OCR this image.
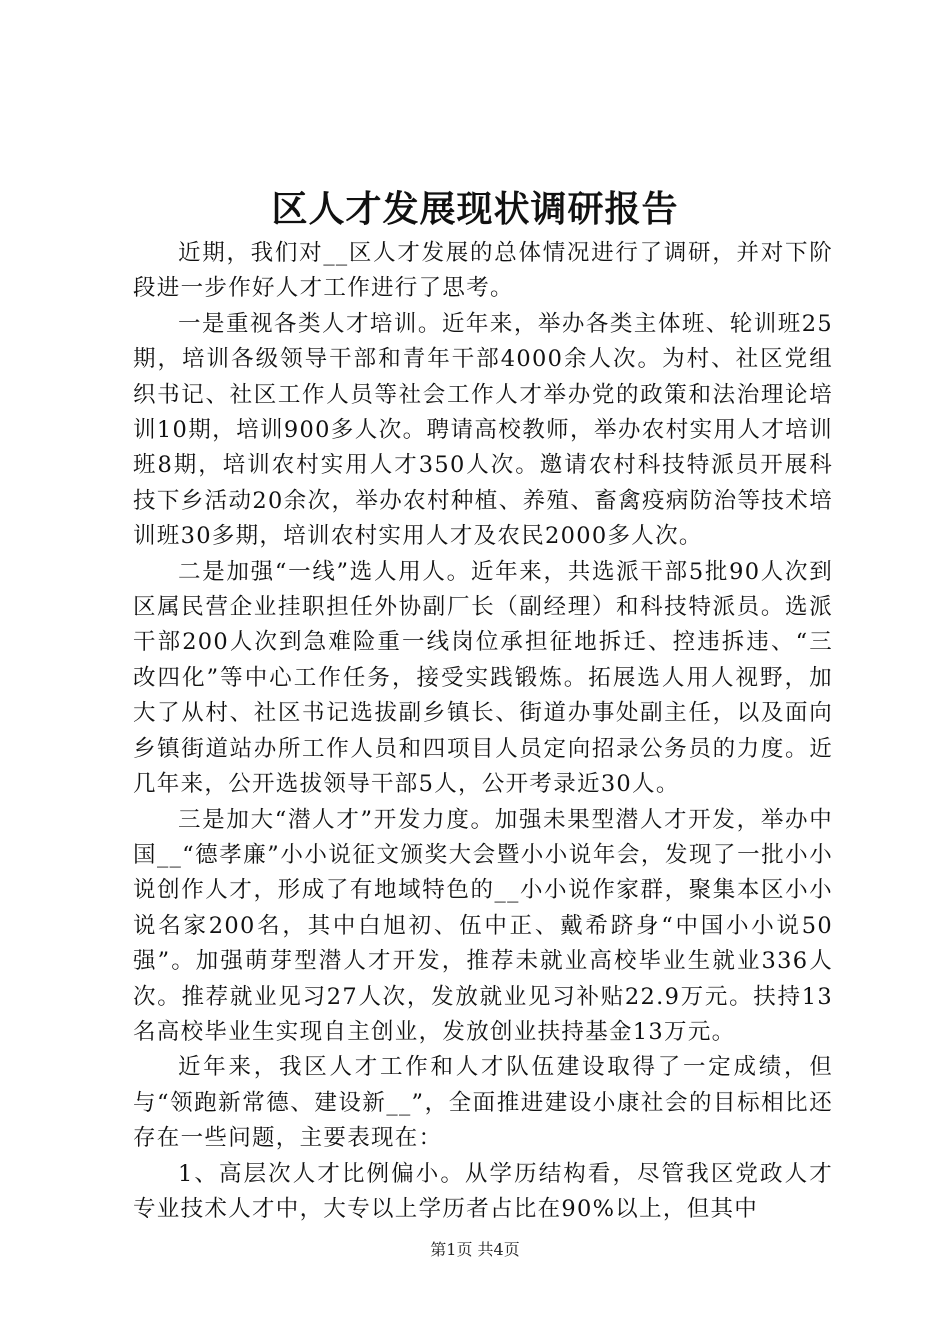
区人才发展现状调研报告

近期，我们对__区人才发展的总体情况进行了调研，并对下阶段进一步作好人才工作进行了思考。

一是重视各类人才培训。近年来，举办各类主体班、轮训班25期，培训各级领导干部和青年干部4000余人次。为村、社区党组织书记、社区工作人员等社会工作人才举办党的政策和法治理论培训10期，培训900多人次。聘请高校教师，举办农村实用人才培训班8期，培训农村实用人才350人次。邀请农村科技特派员开展科技下乡活动20余次，举办农村种植、养殖、畜禽疫病防治等技术培训班30多期，培训农村实用人才及农民2000多人次。

二是加强“一线”选人用人。近年来，共选派干部5批90人次到区属民营企业挂职担任外协副厂长（副经理）和科技特派员。选派干部200人次到急难险重一线岗位承担征地拆迁、控违拆违、“三改四化”等中心工作任务，接受实践锻炼。拓展选人用人视野，加大了从村、社区书记选拔副乡镇长、街道办事处副主任，以及面向乡镇街道站办所工作人员和四项目人员定向招录公务员的力度。近几年来，公开选拔领导干部5人，公开考录近30人。

三是加大“潜人才”开发力度。加强未果型潜人才开发，举办中国__“德孝廉”小小说征文颁奖大会暨小小说年会，发现了一批小小说创作人才，形成了有地域特色的__小小说作家群，聚集本区小小说名家200名，其中白旭初、伍中正、戴希跻身“中国小小说50强”。加强萌芽型潜人才开发，推荐未就业高校毕业生就业336人次。推荐就业见习27人次，发放就业见习补贴22.9万元。扶持13名高校毕业生实现自主创业，发放创业扶持基金13万元。

近年来，我区人才工作和人才队伍建设取得了一定成绩，但与“领跑新常德、建设新__”，全面推进建设小康社会的目标相比还存在一些问题，主要表现在：

1、高层次人才比例偏小。从学历结构看，尽管我区党政人才专业技术人才中，大专以上学历者占比在90%以上，但其中

第1页 共4页
